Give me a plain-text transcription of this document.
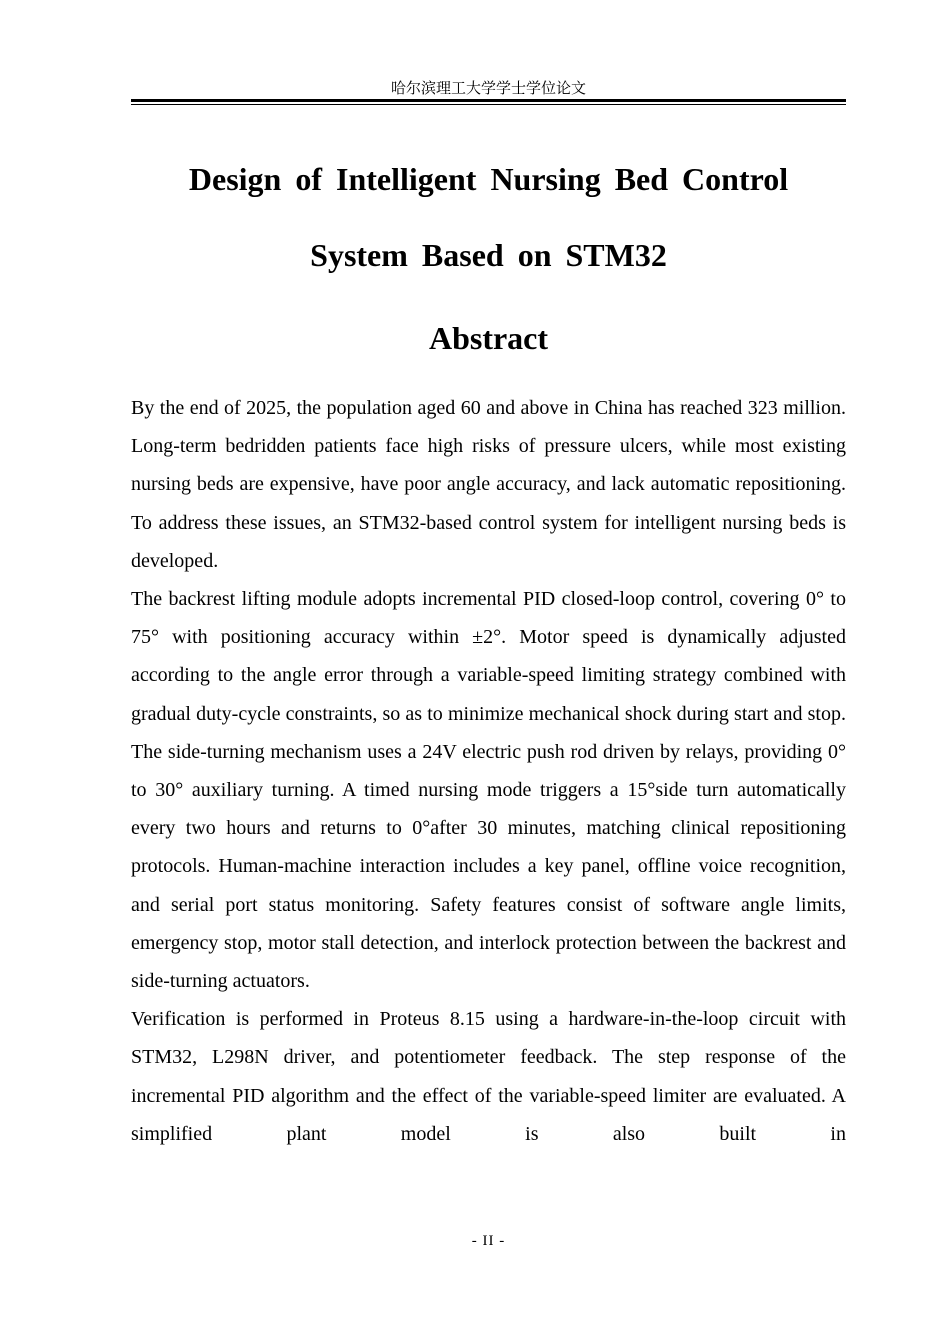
哈尔滨理工大学学士学位论文
Design of Intelligent Nursing Bed Control
System Based on STM32
Abstract

By the end of 2025, the population aged 60 and above in China has reached 323 million. Long-term bedridden patients face high risks of pressure ulcers, while most existing nursing beds are expensive, have poor angle accuracy, and lack automatic repositioning. To address these issues, an STM32-based control system for intelligent nursing beds is developed.

The backrest lifting module adopts incremental PID closed-loop control, covering 0° to 75° with positioning accuracy within ±2°. Motor speed is dynamically adjusted according to the angle error through a variable-speed limiting strategy combined with gradual duty-cycle constraints, so as to minimize mechanical shock during start and stop. The side-turning mechanism uses a 24V electric push rod driven by relays, providing 0° to 30° auxiliary turning. A timed nursing mode triggers a 15°side turn automatically every two hours and returns to 0°after 30 minutes, matching clinical repositioning protocols. Human-machine interaction includes a key panel, offline voice recognition, and serial port status monitoring. Safety features consist of software angle limits, emergency stop, motor stall detection, and interlock protection between the backrest and side-turning actuators.

Verification is performed in Proteus 8.15 using a hardware-in-the-loop circuit with STM32, L298N driver, and potentiometer feedback. The step response of the incremental PID algorithm and the effect of the variable-speed limiter are evaluated. A simplified plant model is also built in

- II -
